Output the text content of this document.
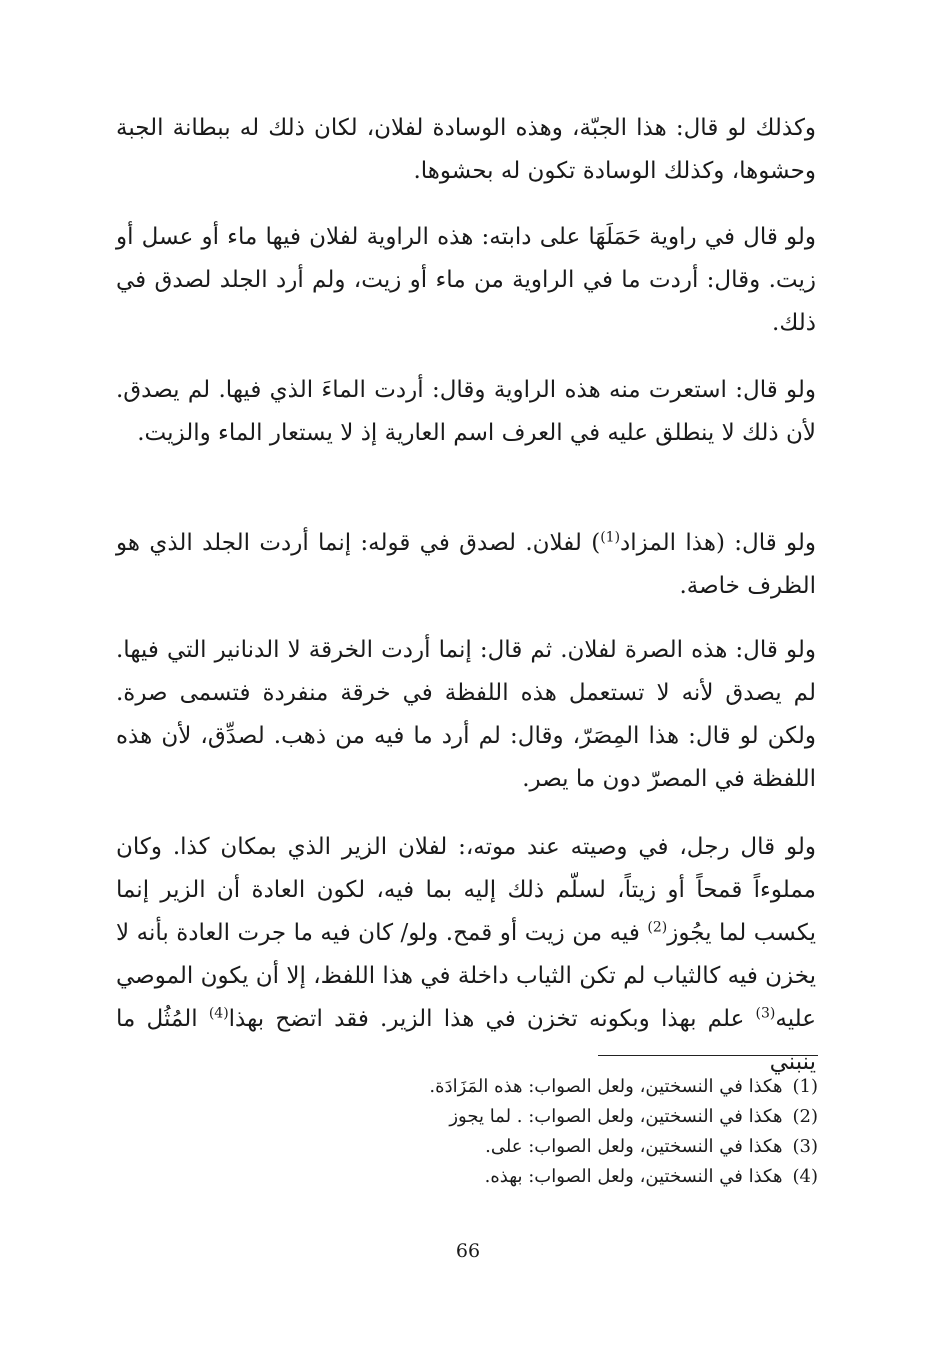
وكذلك لو قال: هذا الجبّة، وهذه الوسادة لفلان، لكان ذلك له ببطانة الجبة وحشوها، وكذلك الوسادة تكون له بحشوها.

ولو قال في راوية حَمَلَهَا على دابته: هذه الراوية لفلان فيها ماء أو عسل أو زيت. وقال: أردت ما في الراوية من ماء أو زيت، ولم أرد الجلد لصدق في ذلك.

ولو قال: استعرت منه هذه الراوية وقال: أردت الماءَ الذي فيها. لم يصدق. لأن ذلك لا ينطلق عليه في العرف اسم العارية إذ لا يستعار الماء والزيت.

ولو قال: (هذا المزاد$^{(1)}$) لفلان. لصدق في قوله: إنما أردت الجلد الذي هو الظرف خاصة.

ولو قال: هذه الصرة لفلان. ثم قال: إنما أردت الخرقة لا الدنانير التي فيها. لم يصدق لأنه لا تستعمل هذه اللفظة في خرقة منفردة فتسمى صرة. ولكن لو قال: هذا المِصَرّ، وقال: لم أرد ما فيه من ذهب. لصدِّق، لأن هذه اللفظة في المصرّ دون ما يصر.

ولو قال رجل، في وصيته عند موته،: لفلان الزير الذي بمكان كذا. وكان مملوءاً قمحاً أو زيتاً، لسلّم ذلك إليه بما فيه، لكون العادة أن الزير إنما يكسب لما يجُوز$^{(2)}$ فيه من زيت أو قمح. ولو/ كان فيه ما جرت العادة بأنه لا يخزن فيه كالثياب لم تكن الثياب داخلة في هذا اللفظ، إلا أن يكون الموصي عليه$^{(3)}$ علم بهذا وبكونه تخزن في هذا الزير. فقد اتضح بهذا$^{(4)}$ المُثُل ما ينبني

(1)هكذا في النسختين، ولعل الصواب: هذه المَزَادَة.
(2)هكذا في النسختين، ولعل الصواب: . لما يجوز
(3)هكذا في النسختين، ولعل الصواب: على.
(4)هكذا في النسختين، ولعل الصواب: بهذه.
66
